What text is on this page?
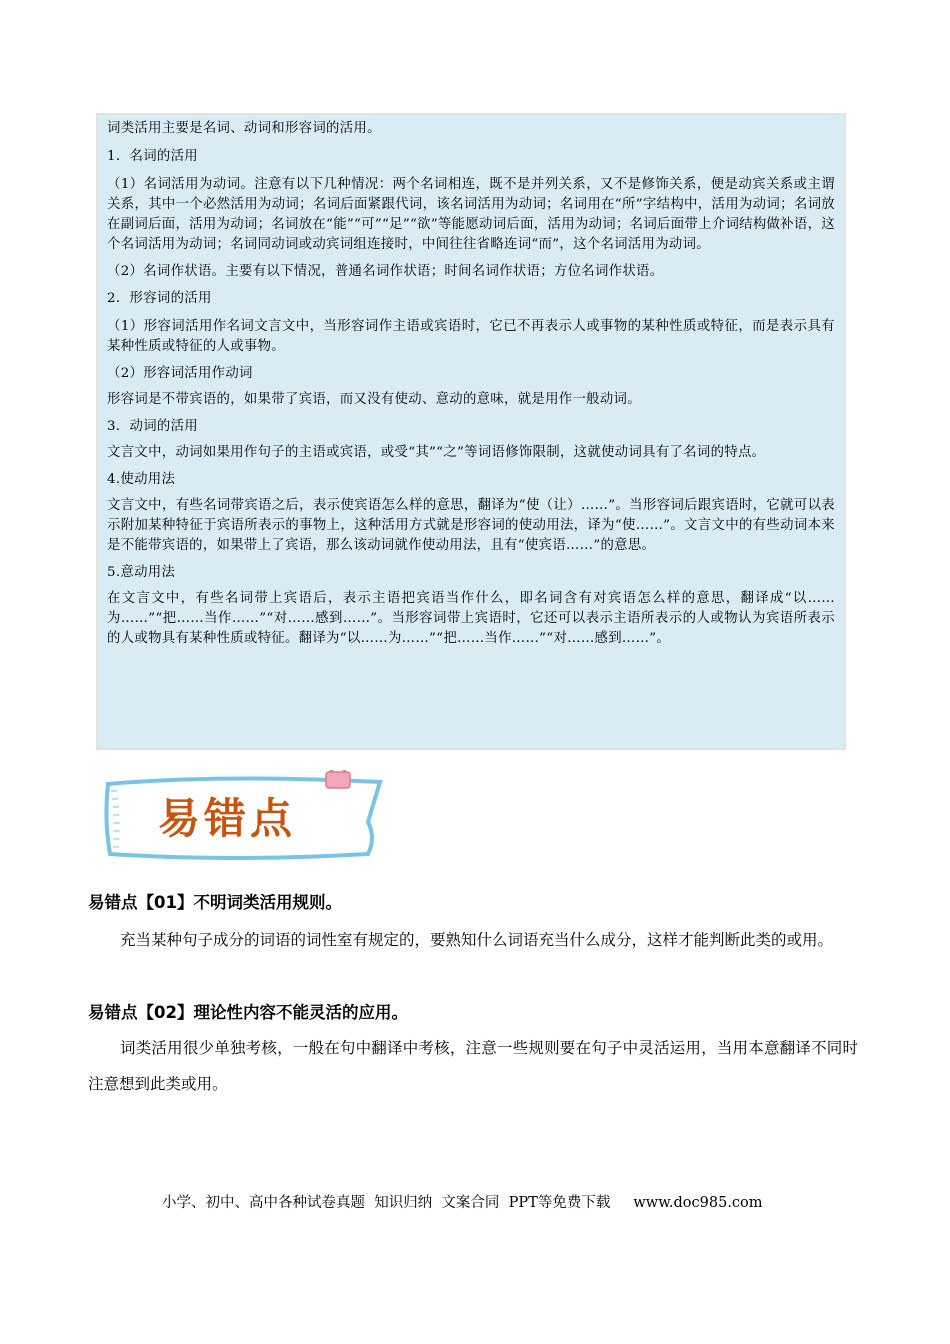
词类活用主要是名词、动词和形容词的活用。

1．名词的活用

（1）名词活用为动词。注意有以下几种情况：两个名词相连，既不是并列关系，又不是修饰关系，便是动宾关系或主谓关系，其中一个必然活用为动词；名词后面紧跟代词，该名词活用为动词；名词用在“所”字结构中，活用为动词；名词放在副词后面，活用为动词；名词放在“能”“可”“足”“欲”等能愿动词后面，活用为动词；名词后面带上介词结构做补语，这个名词活用为动词；名词同动词或动宾词组连接时，中间往往省略连词“而”，这个名词活用为动词。

（2）名词作状语。主要有以下情况，普通名词作状语；时间名词作状语；方位名词作状语。

2．形容词的活用

（1）形容词活用作名词文言文中，当形容词作主语或宾语时，它已不再表示人或事物的某种性质或特征，而是表示具有某种性质或特征的人或事物。

（2）形容词活用作动词

形容词是不带宾语的，如果带了宾语，而又没有使动、意动的意味，就是用作一般动词。

3．动词的活用

文言文中，动词如果用作句子的主语或宾语，或受“其”“之”等词语修饰限制，这就使动词具有了名词的特点。

4.使动用法

文言文中，有些名词带宾语之后，表示使宾语怎么样的意思，翻译为“使（让）……”。当形容词后跟宾语时，它就可以表示附加某种特征于宾语所表示的事物上，这种活用方式就是形容词的使动用法，译为“使……”。文言文中的有些动词本来是不能带宾语的，如果带上了宾语，那么该动词就作使动用法，且有“使宾语……”的意思。

5.意动用法

在文言文中，有些名词带上宾语后，表示主语把宾语当作什么，即名词含有对宾语怎么样的意思，翻译成“以……为……”“把……当作……”“对……感到……”。当形容词带上宾语时，它还可以表示主语所表示的人或物认为宾语所表示的人或物具有某种性质或特征。翻译为“以……为……”“把……当作……”“对……感到……”。

易错点
易错点【01】不明词类活用规则。
充当某种句子成分的词语的词性室有规定的，要熟知什么词语充当什么成分，这样才能判断此类的或用。
易错点【02】理论性内容不能灵活的应用。
词类活用很少单独考核，一般在句中翻译中考核，注意一些规则要在句子中灵活运用，当用本意翻译不同时注意想到此类或用。
小学、初中、高中各种试卷真题  知识归纳  文案合同  PPT等免费下载     www.doc985.com
